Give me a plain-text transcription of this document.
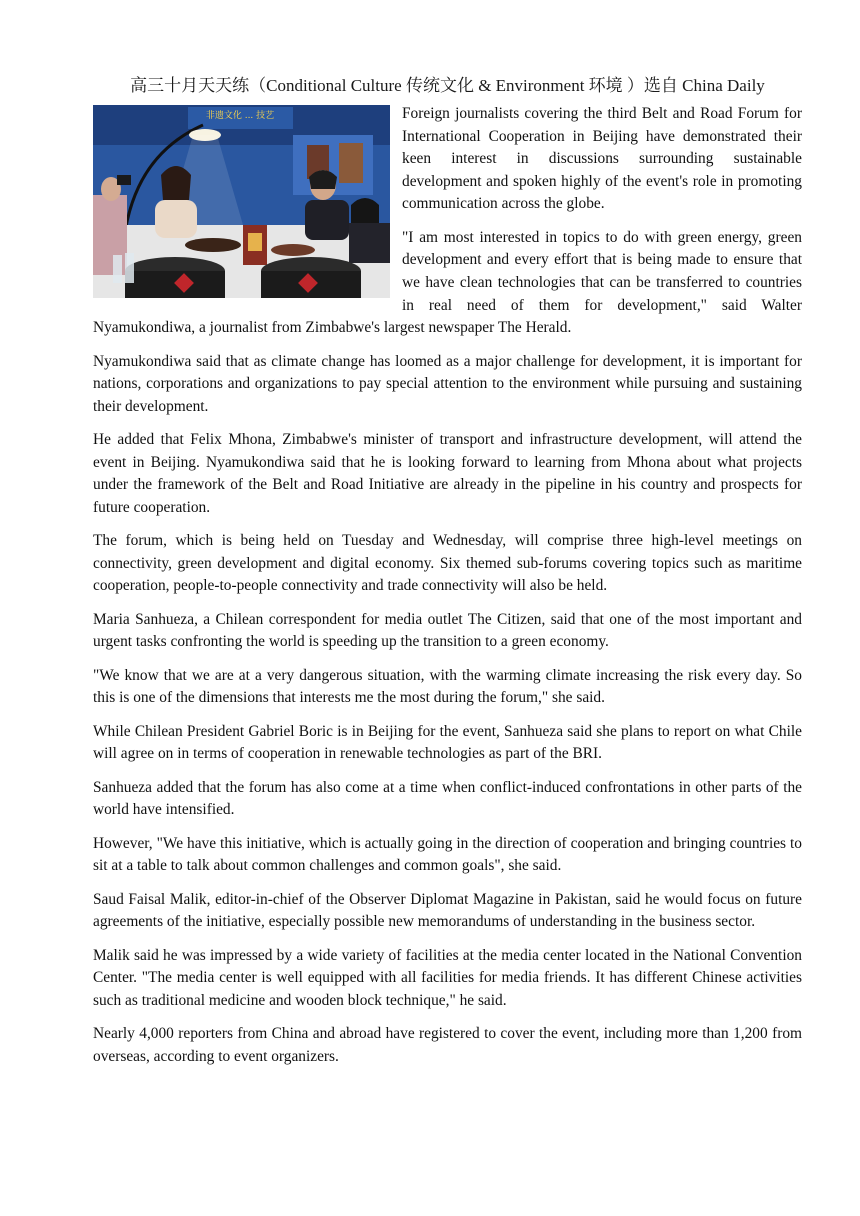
高三十月天天练（Conditional Culture 传统文化 & Environment 环境 ）选自 China Daily
非遗文化 ... 技艺	Foreign journalists covering the third Belt and Road Forum for International Cooperation in Beijing have demonstrated their keen interest in discussions surrounding sustainable development and spoken highly of the event's role in promoting communication across the globe.

"I am most interested in topics to do with green energy, green development and every effort that is being made to ensure that we have clean technologies that can be transferred to countries in real need of them for development," said Walter Nyamukondiwa, a journalist from Zimbabwe's largest newspaper The Herald.

Nyamukondiwa said that as climate change has loomed as a major challenge for development, it is important for nations, corporations and organizations to pay special attention to the environment while pursuing and sustaining their development.

He added that Felix Mhona, Zimbabwe's minister of transport and infrastructure development, will attend the event in Beijing. Nyamukondiwa said that he is looking forward to learning from Mhona about what projects under the framework of the Belt and Road Initiative are already in the pipeline in his country and prospects for future cooperation.

The forum, which is being held on Tuesday and Wednesday, will comprise three high-level meetings on connectivity, green development and digital economy. Six themed sub-forums covering topics such as maritime cooperation, people-to-people connectivity and trade connectivity will also be held.

Maria Sanhueza, a Chilean correspondent for media outlet The Citizen, said that one of the most important and urgent tasks confronting the world is speeding up the transition to a green economy.

"We know that we are at a very dangerous situation, with the warming climate increasing the risk every day. So this is one of the dimensions that interests me the most during the forum," she said.

While Chilean President Gabriel Boric is in Beijing for the event, Sanhueza said she plans to report on what Chile will agree on in terms of cooperation in renewable technologies as part of the BRI.

Sanhueza added that the forum has also come at a time when conflict-induced confrontations in other parts of the world have intensified.

However, "We have this initiative, which is actually going in the direction of cooperation and bringing countries to sit at a table to talk about common challenges and common goals", she said.

Saud Faisal Malik, editor-in-chief of the Observer Diplomat Magazine in Pakistan, said he would focus on future agreements of the initiative, especially possible new memorandums of understanding in the business sector.

Malik said he was impressed by a wide variety of facilities at the media center located in the National Convention Center. "The media center is well equipped with all facilities for media friends. It has different Chinese activities such as traditional medicine and wooden block technique," he said.

Nearly 4,000 reporters from China and abroad have registered to cover the event, including more than 1,200 from overseas, according to event organizers.
